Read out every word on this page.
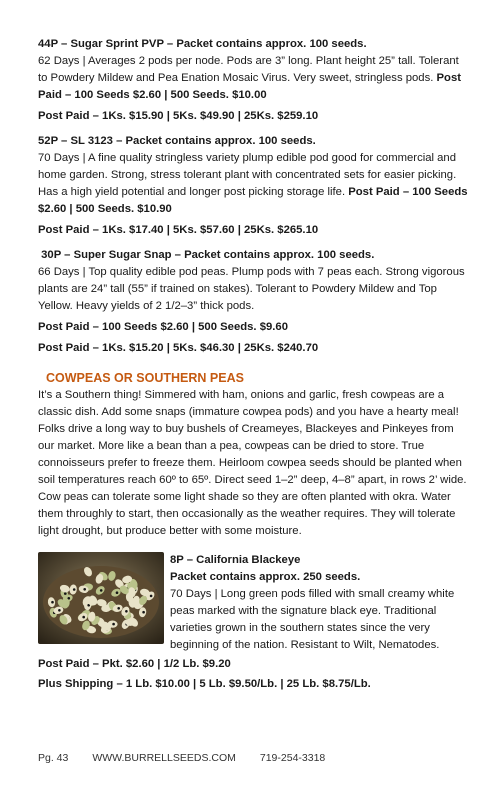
44P – Sugar Sprint PVP – Packet contains approx. 100 seeds.

62 Days | Averages 2 pods per node. Pods are 3” long. Plant height 25” tall. Tolerant to Powdery Mildew and Pea Enation Mosaic Virus. Very sweet, stringless pods. Post Paid – 100 Seeds $2.60 | 500 Seeds. $10.00

Post Paid – 1Ks. $15.90 | 5Ks. $49.90 | 25Ks. $259.10

52P – SL 3123 – Packet contains approx. 100 seeds.

70 Days | A fine quality stringless variety plump edible pod good for commercial and home garden. Strong, stress tolerant plant with concentrated sets for easier picking. Has a high yield potential and longer post picking storage life. Post Paid – 100 Seeds $2.60 | 500 Seeds. $10.90

Post Paid – 1Ks. $17.40 | 5Ks. $57.60 | 25Ks. $265.10

30P – Super Sugar Snap – Packet contains approx. 100 seeds.

66 Days | Top quality edible pod peas. Plump pods with 7 peas each. Strong vigorous plants are 24” tall (55” if trained on stakes). Tolerant to Powdery Mildew and Top Yellow. Heavy yields of 2 1/2–3” thick pods.

Post Paid – 100 Seeds $2.60 | 500 Seeds. $9.60

Post Paid – 1Ks. $15.20 | 5Ks. $46.30 | 25Ks. $240.70

COWPEAS OR SOUTHERN PEAS

It’s a Southern thing! Simmered with ham, onions and garlic, fresh cowpeas are a classic dish. Add some snaps (immature cowpea pods) and you have a hearty meal! Folks drive a long way to buy bushels of Creameyes, Blackeyes and Pinkeyes from our market. More like a bean than a pea, cowpeas can be dried to store. True connoisseurs prefer to freeze them. Heirloom cowpea seeds should be planted when soil temperatures reach 60º to 65º. Direct seed 1–2” deep, 4–8” apart, in rows 2’ wide. Cow peas can tolerate some light shade so they are often planted with okra. Water them throughly to start, then occasionally as the weather requires. They will tolerate light drought, but produce better with some moisture.

8P – California Blackeye

Packet contains approx. 250 seeds.

70 Days | Long green pods filled with small creamy white peas marked with the signature black eye. Traditional varieties grown in the southern states since the very beginning of the nation. Resistant to Wilt, Nematodes.

Post Paid – Pkt. $2.60 | 1/2 Lb. $9.20

Plus Shipping – 1 Lb. $10.00 | 5 Lb. $9.50/Lb. | 25 Lb. $8.75/Lb.

Pg. 43 WWW.BURRELLSEEDS.COM 719-254-3318
